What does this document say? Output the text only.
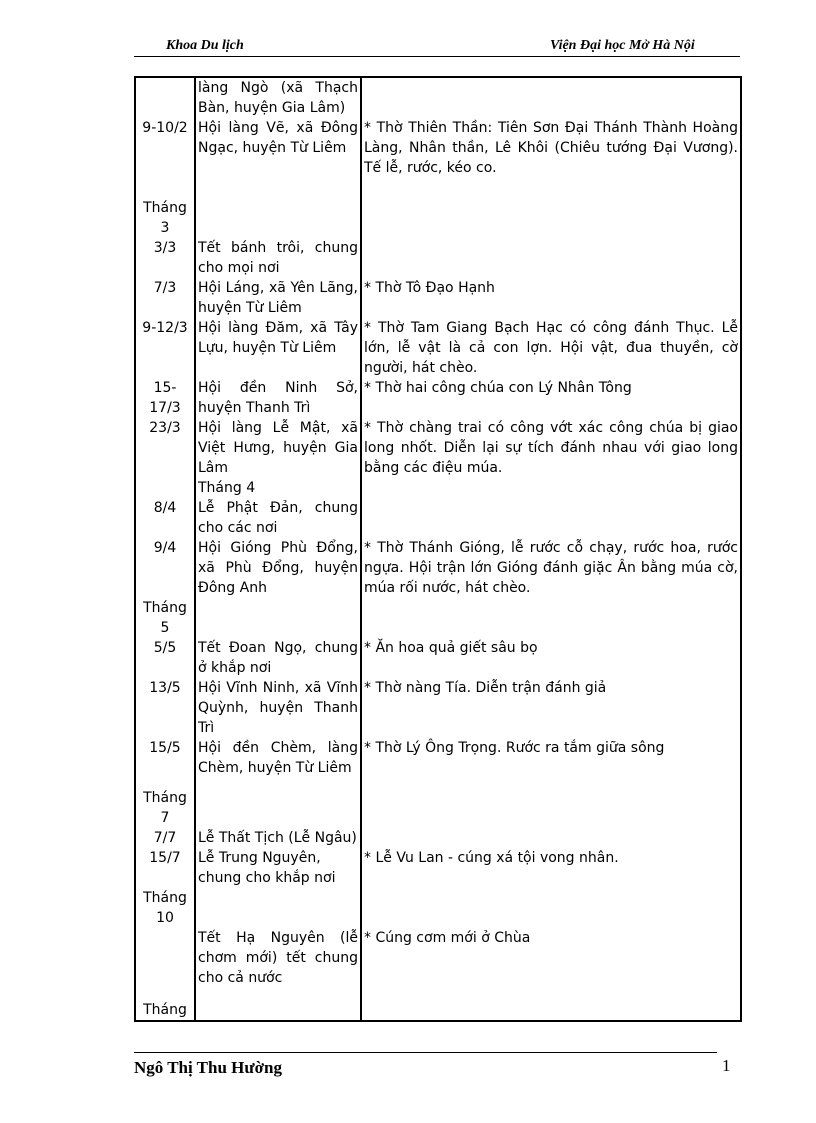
Khoa Du lịch	Viện Đại học Mở Hà Nội
	làng Ngò (xã Thạch Bàn, huyện Gia Lâm)	
9-10/2	Hội làng Vẽ, xã Đông Ngạc, huyện Từ Liêm	* Thờ Thiên Thần: Tiên Sơn Đại Thánh Thành Hoàng Làng, Nhân thần, Lê Khôi (Chiêu tướng Đại Vương). Tế lễ, rước, kéo co.
Tháng 3		
3/3	Tết bánh trôi, chung cho mọi nơi	
7/3	Hội Láng, xã Yên Lãng, huyện Từ Liêm	* Thờ Tô Đạo Hạnh
9-12/3	Hội làng Đăm, xã Tây Lựu, huyện Từ Liêm	* Thờ Tam Giang Bạch Hạc có công đánh Thục. Lễ lớn, lễ vật là cả con lợn. Hội vật, đua thuyền, cờ người, hát chèo.
15-17/3	Hội đền Ninh Sở, huyện Thanh Trì	* Thờ hai công chúa con Lý Nhân Tông
23/3	Hội làng Lễ Mật, xã Việt Hưng, huyện Gia Lâm	* Thờ chàng trai có công vớt xác công chúa bị giao long nhốt. Diễn lại sự tích đánh nhau với giao long bằng các điệu múa.
	Tháng 4	
8/4	Lễ Phật Đản, chung cho các nơi	
9/4	Hội Gióng Phù Đổng, xã Phù Đổng, huyện Đông Anh	* Thờ Thánh Gióng, lễ rước cỗ chạy, rước hoa, rước ngựa. Hội trận lớn Gióng đánh giặc Ân bằng múa cờ, múa rối nước, hát chèo.
Tháng 5		
5/5	Tết Đoan Ngọ, chung ở khắp nơi	* Ăn hoa quả giết sâu bọ
13/5	Hội Vĩnh Ninh, xã Vĩnh Quỳnh, huyện Thanh Trì	* Thờ nàng Tía. Diễn trận đánh giả
15/5	Hội đền Chèm, làng Chèm, huyện Từ Liêm	* Thờ Lý Ông Trọng. Rước ra tắm giữa sông
Tháng 7		
7/7	Lễ Thất Tịch (Lễ Ngâu)	
15/7	Lễ Trung Nguyên, chung cho khắp nơi	* Lễ Vu Lan - cúng xá tội vong nhân.
Tháng 10		
	Tết Hạ Nguyên (lễ chơm mới) tết chung cho cả nước	* Cúng cơm mới ở Chùa
Tháng		
Ngô Thị Thu Hường	1
